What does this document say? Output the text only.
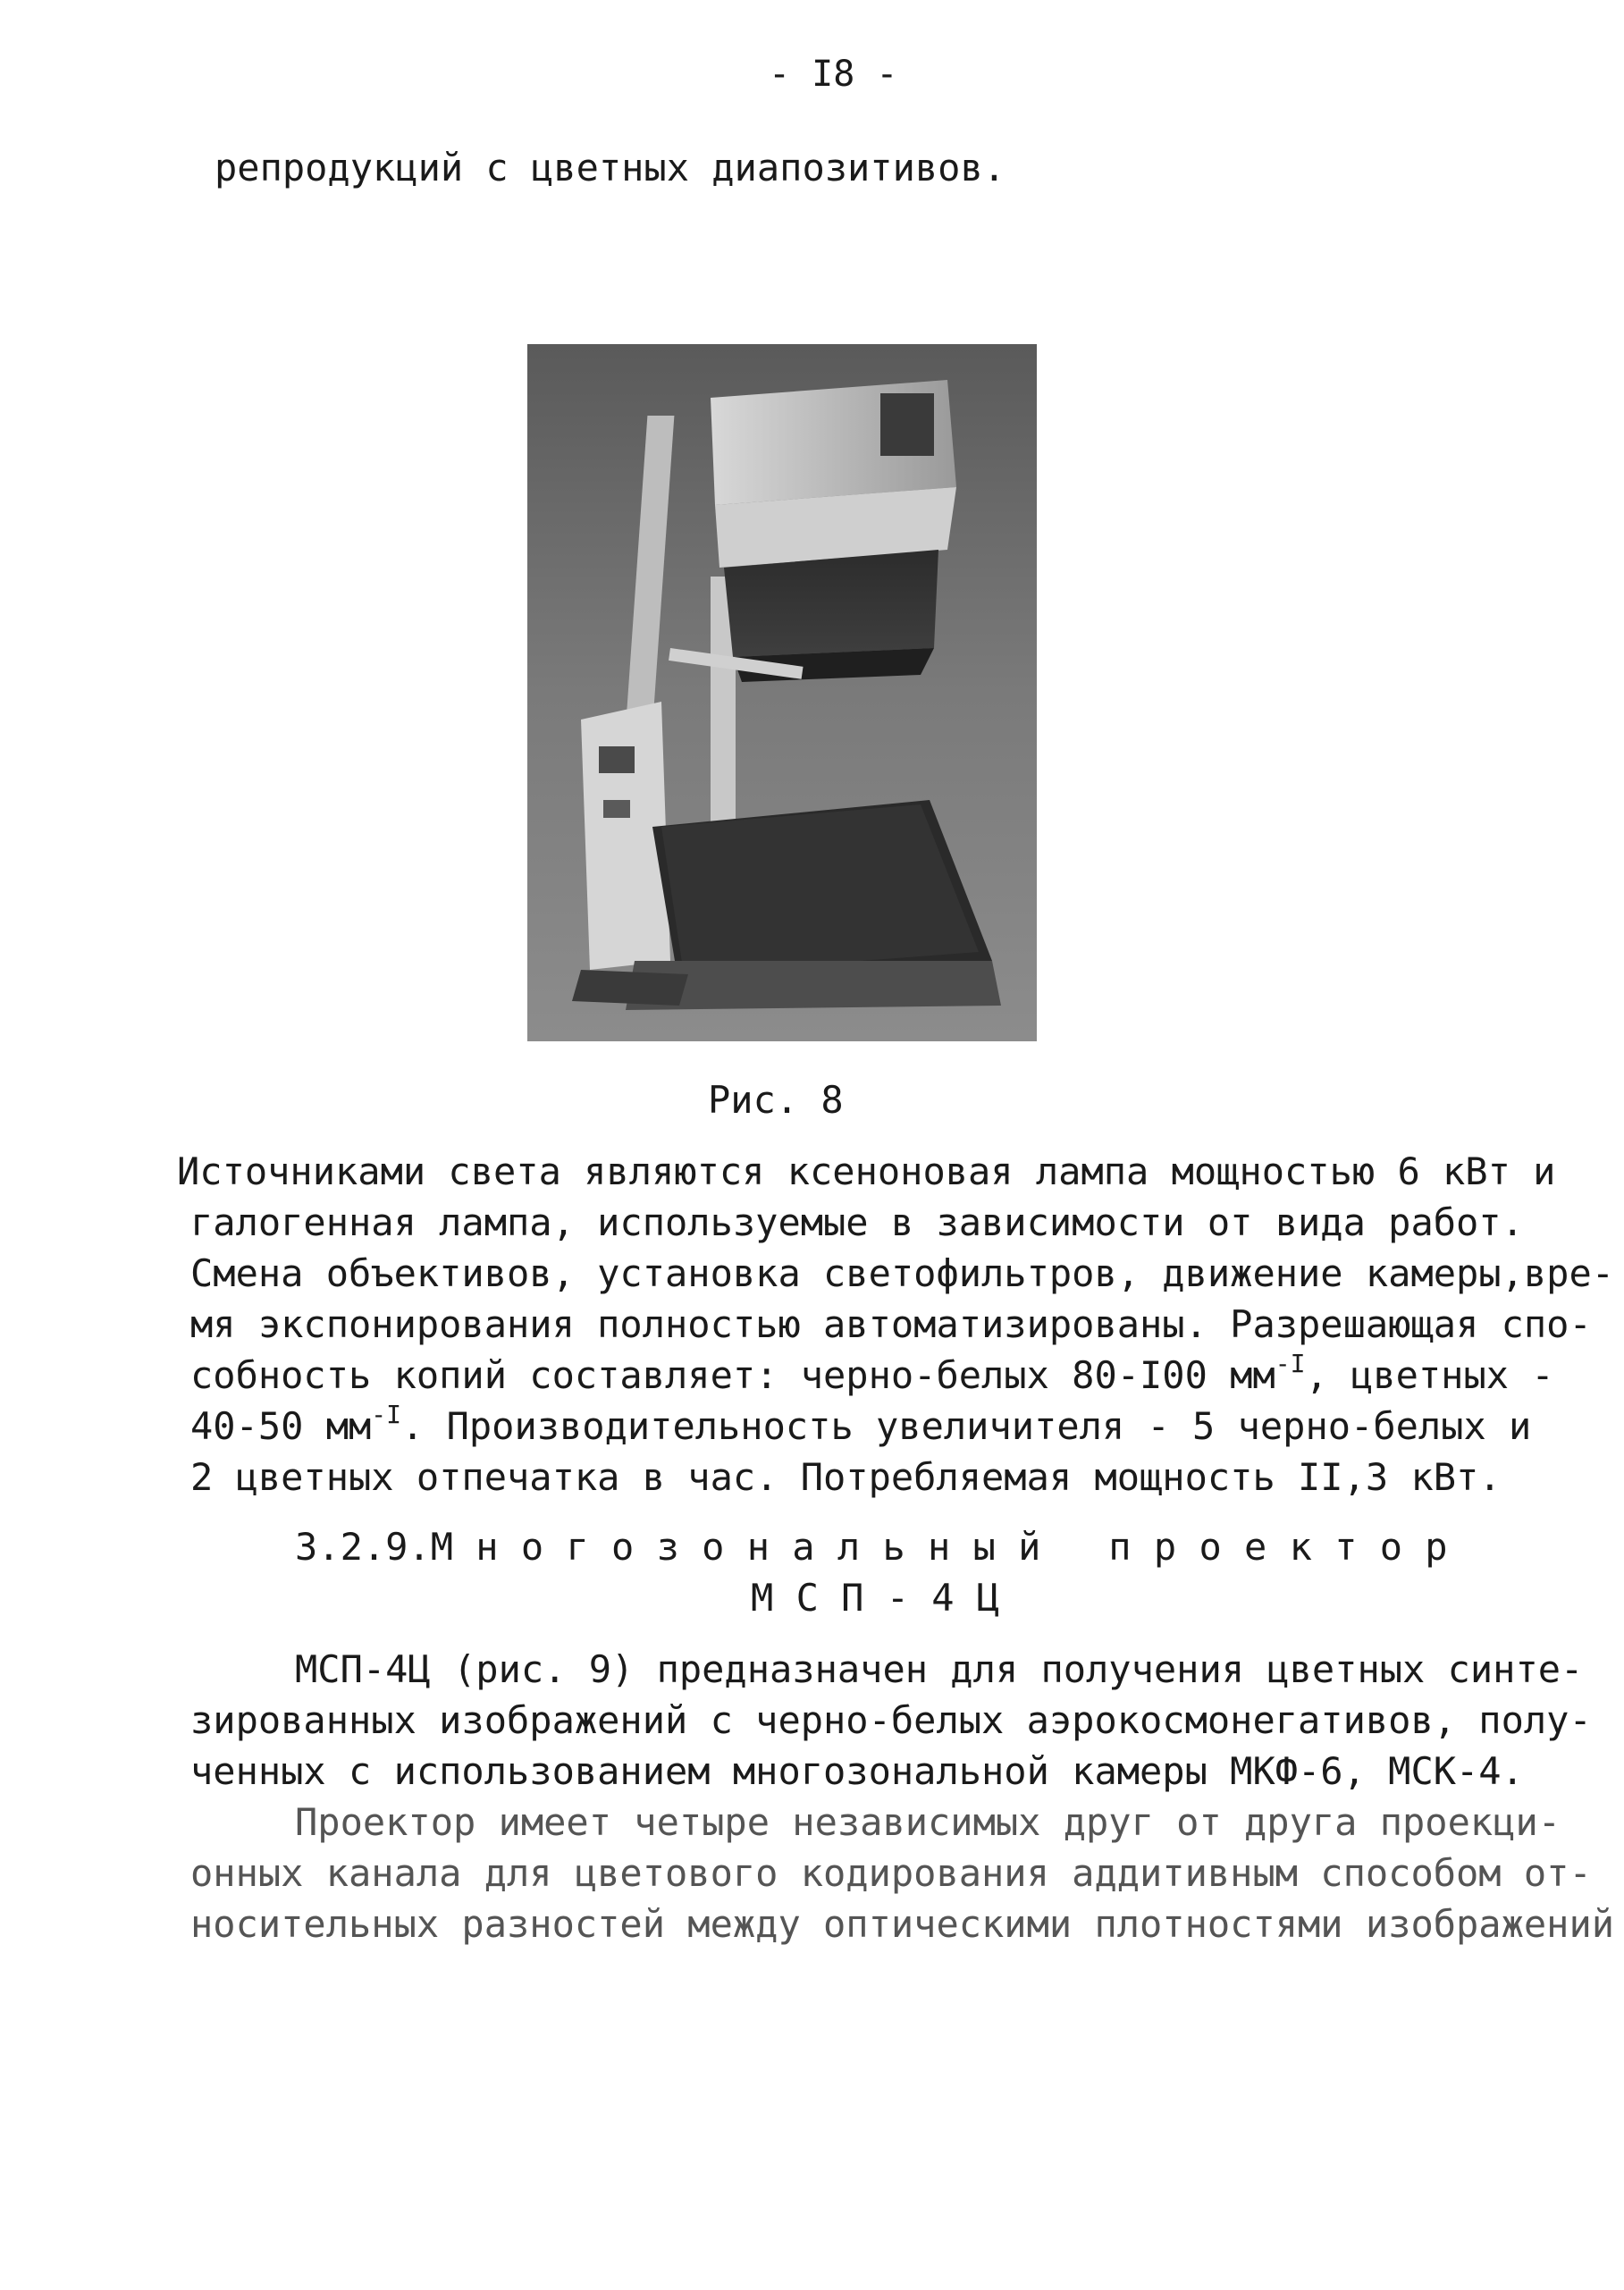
- I8 -
репродукций с цветных диапозитивов.
Рис. 8
Источниками света являются ксеноновая лампа мощностью 6 кВт и
галогенная лампа, используемые в зависимости от вида работ.
Смена объективов, установка светофильтров, движение камеры,вре-
мя экспонирования полностью автоматизированы. Разрешающая спо-
собность копий составляет: черно-белых 80-I00 $мм^{-I}$, цветных -
40-50 $мм^{-I}$. Производительность увеличителя - 5 черно-белых и
2 цветных отпечатка в час. Потребляемая мощность II,3 кВт.
3.2.9.М н о г о з о н а л ь н ы й   п р о е к т о р
М С П - 4 Ц
МСП-4Ц (рис. 9) предназначен для получения цветных синте-
зированных изображений с черно-белых аэрокосмонегативов, полу-
ченных с использованием многозональной камеры МКФ-6, МСК-4.
Проектор имеет четыре независимых друг от друга проекци-
онных канала для цветового кодирования аддитивным способом от-
носительных разностей между оптическими плотностями изображений
